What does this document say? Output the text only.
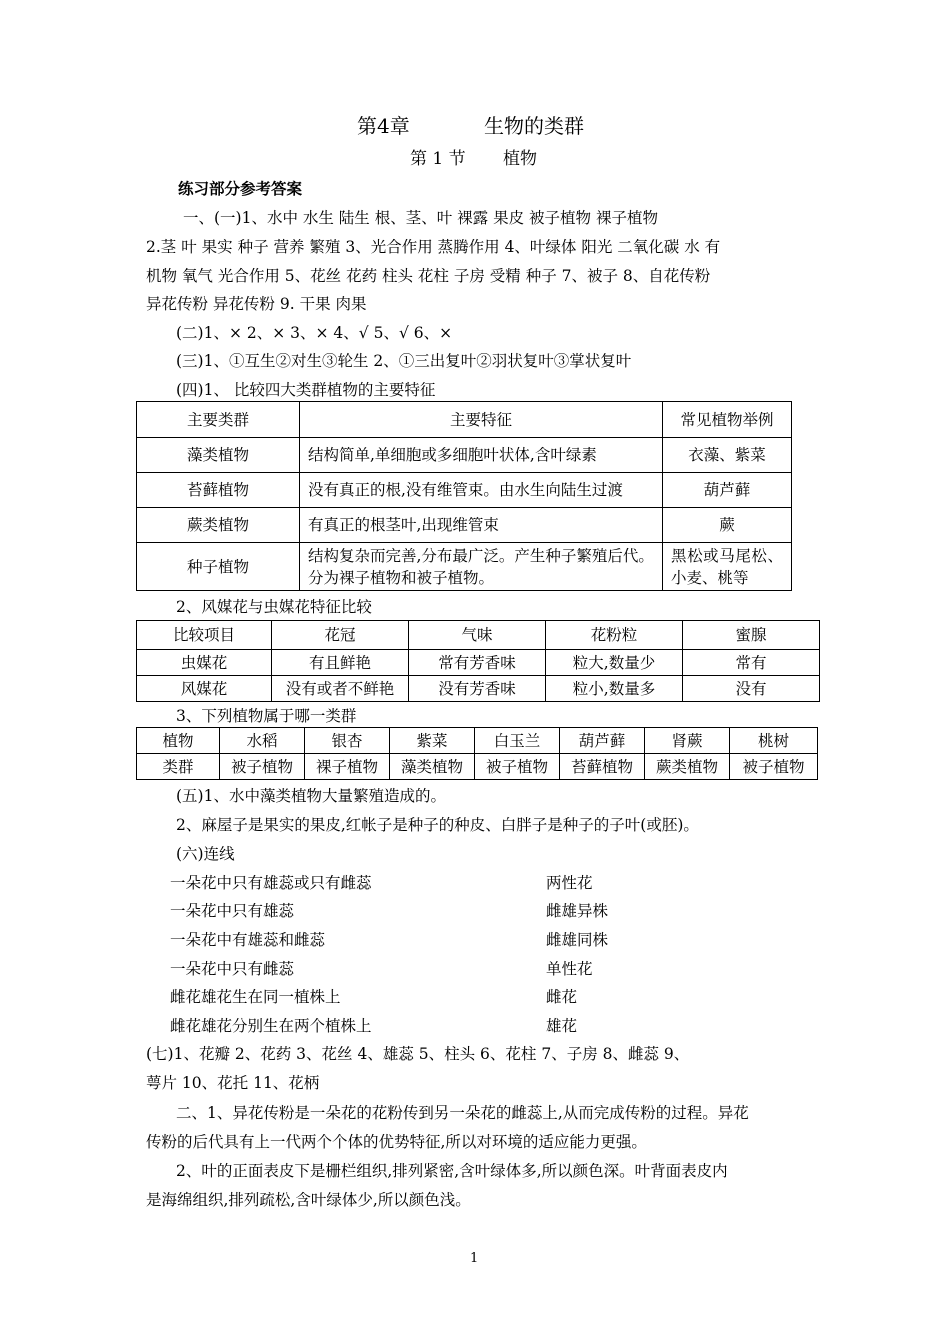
第4章	生物的类群
第 1 节 植物
练习部分参考答案
一、(一)1、水中 水生 陆生 根、茎、叶 裸露 果皮 被子植物 裸子植物
2.茎 叶 果实 种子 营养 繁殖 3、光合作用 蒸腾作用 4、叶绿体 阳光 二氧化碳 水 有
机物 氧气 光合作用 5、花丝 花药 柱头 花柱 子房 受精 种子 7、被子 8、自花传粉
异花传粉 异花传粉 9. 干果 肉果
(二)1、× 2、× 3、× 4、√ 5、√ 6、×
(三)1、①互生②对生③轮生 2、①三出复叶②羽状复叶③掌状复叶
(四)1、 比较四大类群植物的主要特征
主要类群	主要特征	常见植物举例
藻类植物	结构简单,单细胞或多细胞叶状体,含叶绿素	衣藻、紫菜
苔藓植物	没有真正的根,没有维管束。由水生向陆生过渡	葫芦藓
蕨类植物	有真正的根茎叶,出现维管束	蕨
种子植物	结构复杂而完善,分布最广泛。产生种子繁殖后代。分为裸子植物和被子植物。	黑松或马尾松、小麦、桃等
2、风媒花与虫媒花特征比较
比较项目	花冠	气味	花粉粒	蜜腺
虫媒花	有且鲜艳	常有芳香味	粒大,数量少	常有
风媒花	没有或者不鲜艳	没有芳香味	粒小,数量多	没有
3、下列植物属于哪一类群
植物	水稻	银杏	紫菜	白玉兰	葫芦藓	肾蕨	桃树
类群	被子植物	裸子植物	藻类植物	被子植物	苔藓植物	蕨类植物	被子植物
(五)1、水中藻类植物大量繁殖造成的。
2、麻屋子是果实的果皮,红帐子是种子的种皮、白胖子是种子的子叶(或胚)。
(六)连线
一朵花中只有雄蕊或只有雌蕊	两性花
一朵花中只有雄蕊	雌雄异株
一朵花中有雄蕊和雌蕊	雌雄同株
一朵花中只有雌蕊	单性花
雌花雄花生在同一植株上	雌花
雌花雄花分别生在两个植株上	雄花
(七)1、花瓣 2、花药 3、花丝 4、雄蕊 5、柱头 6、花柱 7、子房 8、雌蕊 9、
萼片 10、花托 11、花柄
二、1、异花传粉是一朵花的花粉传到另一朵花的雌蕊上,从而完成传粉的过程。异花
传粉的后代具有上一代两个个体的优势特征,所以对环境的适应能力更强。
2、叶的正面表皮下是栅栏组织,排列紧密,含叶绿体多,所以颜色深。叶背面表皮内
是海绵组织,排列疏松,含叶绿体少,所以颜色浅。
1
